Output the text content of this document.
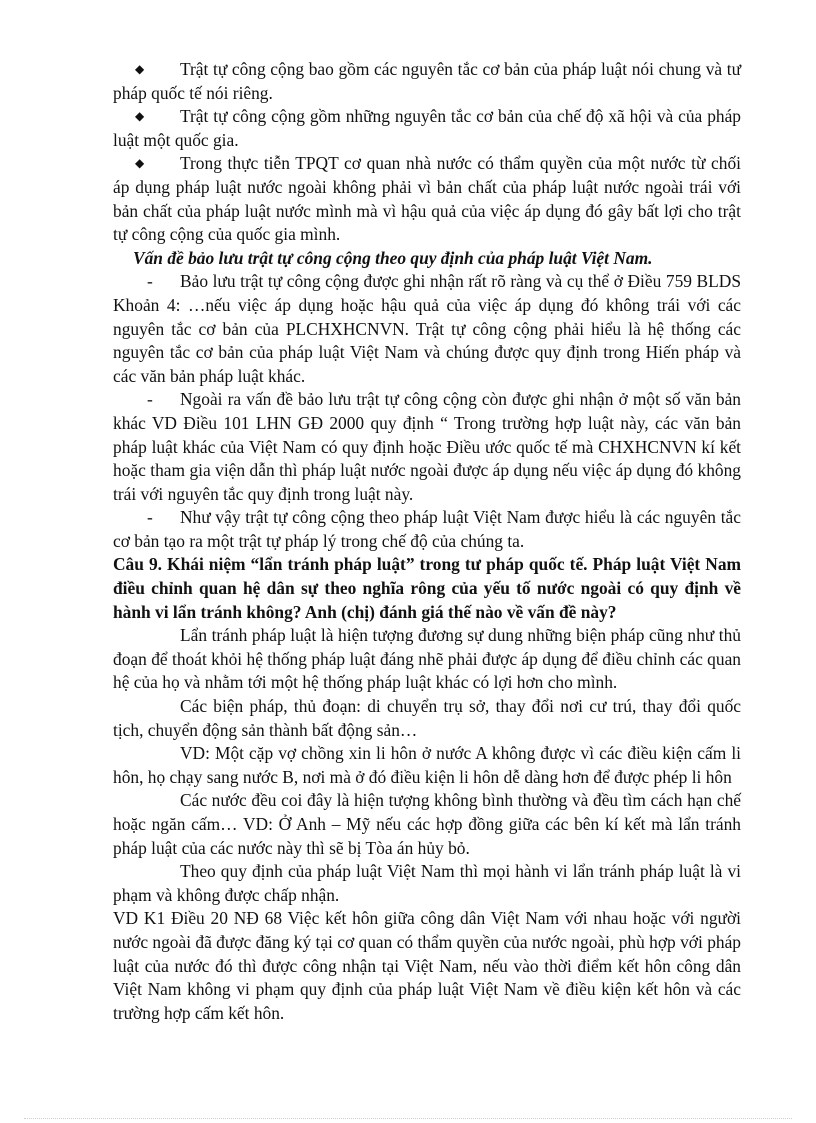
◆ Trật tự công cộng bao gồm các nguyên tắc cơ bản của pháp luật nói chung và tư pháp quốc tế nói riêng.

◆ Trật tự công cộng gồm những nguyên tắc cơ bản của chế độ xã hội và của pháp luật một quốc gia.

◆ Trong thực tiễn TPQT cơ quan nhà nước có thẩm quyền của một nước từ chối áp dụng pháp luật nước ngoài không phải vì bản chất của pháp luật nước ngoài trái với bản chất của pháp luật nước mình mà vì hậu quả của việc áp dụng đó gây bất lợi cho trật tự công cộng của quốc gia mình.

Vấn đề bảo lưu trật tự công cộng theo quy định của pháp luật Việt Nam.

- Bảo lưu trật tự công cộng được ghi nhận rất rõ ràng và cụ thể ở Điều 759 BLDS Khoản 4: …nếu việc áp dụng hoặc hậu quả của việc áp dụng đó không trái với các nguyên tắc cơ bản của PLCHXHCNVN. Trật tự công cộng phải hiểu là hệ thống các nguyên tắc cơ bản của pháp luật Việt Nam và chúng được quy định trong Hiến pháp và các văn bản pháp luật khác.

- Ngoài ra vấn đề bảo lưu trật tự công cộng còn được ghi nhận ở một số văn bản khác VD Điều 101 LHN GĐ 2000 quy định “ Trong trường hợp luật này, các văn bản pháp luật khác của Việt Nam có quy định hoặc Điều ước quốc tế mà CHXHCNVN kí kết hoặc tham gia viện dẫn thì pháp luật nước ngoài được áp dụng nếu việc áp dụng đó không trái với nguyên tắc quy định trong luật này.

- Như vậy trật tự công cộng theo pháp luật Việt Nam được hiểu là các nguyên tắc cơ bản tạo ra một trật tự pháp lý trong chế độ của chúng ta.

Câu 9. Khái niệm “lẩn tránh pháp luật” trong tư pháp quốc tế. Pháp luật Việt Nam điều chỉnh quan hệ dân sự theo nghĩa rông của yếu tố nước ngoài có quy định về hành vi lẩn tránh không? Anh (chị) đánh giá thế nào về vấn đề này?

Lẩn tránh pháp luật là hiện tượng đương sự dung những biện pháp cũng như thủ đoạn để thoát khỏi hệ thống pháp luật đáng nhẽ phải được áp dụng để điều chỉnh các quan hệ của họ và nhằm tới một hệ thống pháp luật khác có lợi hơn cho mình.

Các biện pháp, thủ đoạn: di chuyển trụ sở, thay đổi nơi cư trú, thay đổi quốc tịch, chuyển động sản thành bất động sản…

VD: Một cặp vợ chồng xin li hôn ở nước A không được vì các điều kiện cấm li hôn, họ chạy sang nước B, nơi mà ở đó điều kiện li hôn dễ dàng hơn để được phép li hôn

Các nước đều coi đây là hiện tượng không bình thường và đều tìm cách hạn chế hoặc ngăn cấm… VD: Ở Anh – Mỹ nếu các hợp đồng giữa các bên kí kết mà lẩn tránh pháp luật của các nước này thì sẽ bị Tòa án hủy bỏ.

Theo quy định của pháp luật Việt Nam thì mọi hành vi lẩn tránh pháp luật là vi phạm và không được chấp nhận.

VD K1 Điều 20 NĐ 68 Việc kết hôn giữa công dân Việt Nam với nhau hoặc với người nước ngoài đã được đăng ký tại cơ quan có thẩm quyền của nước ngoài, phù hợp với pháp luật của nước đó thì được công nhận tại Việt Nam, nếu vào thời điểm kết hôn công dân Việt Nam không vi phạm quy định của pháp luật Việt Nam về điều kiện kết hôn và các trường hợp cấm kết hôn.
